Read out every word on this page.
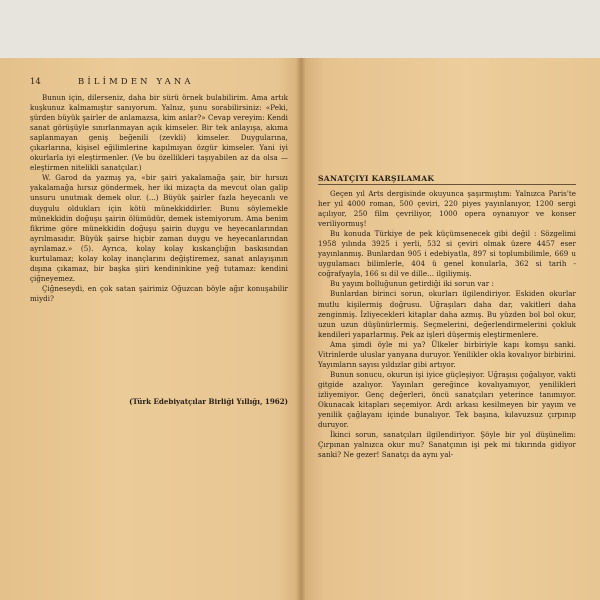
14	BİLİMDEN YANA

Bunun için, dilerseniz, daha bir sürü örnek bulabilirim. Ama artık kuşkunuz kalmamıştır sanıyorum. Yalnız, şunu sorabilirsiniz: «Peki, şürden büyük şairler de anlamazsa, kim anlar?» Cevap vereyim: Kendi sanat görüşüyle sınırlanmayan açık kimseler. Bir tek anlayışa, akıma saplanmayan geniş beğenili (zevkli) kimseler. Duygularına, çıkarlarına, kişisel eğilimlerine kapılmıyan özgür kimseler. Yani iyi okurlarla iyi eleştirmenler. (Ve bu özellikleri taşıyabilen az da olsa — eleştirmen nitelikli sanatçılar.)

W. Garod da yazmış ya, «bir şairi yakalamağa şair, bir hırsızı yakalamağa hırsız göndermek, her iki mizaçta da mevcut olan galip unsuru unutmak demek olur. (...) Büyük şairler fazla heyecanlı ve duygulu oldukları için kötü münekkiddirler. Bunu söylemekle münekkidin doğuşu şairin ölümüdür, demek istemiyorum. Ama benim fikrime göre münekkidin doğuşu şairin duygu ve heyecanlarından ayrılmasıdır. Büyük şairse hiçbir zaman duygu ve heyecanlarından ayrılamaz.» (5). Ayrıca, kolay kolay kıskançlığın baskısından kurtulamaz; kolay kolay inançlarını değiştiremez, sanat anlayışının dışına çıkamaz, bir başka şiiri kendininkine yeğ tutamaz: kendini çiğneyemez.

Çiğneseydi, en çok satan şairimiz Oğuzcan böyle ağır konuşabilir miydi?

(Türk Edebiyatçılar Birliği Yıllığı, 1962)
SANATÇIYI KARŞILAMAK

Geçen yıl Arts dergisinde okuyunca şaşırmıştım: Yalnızca Paris'te her yıl 4000 roman, 500 çeviri, 220 piyes yayınlanıyor, 1200 sergi açılıyor, 250 film çevriliyor, 1000 opera oynanıyor ve konser veriliyormuş!

Bu konuda Türkiye de pek küçümsenecek gibi değil : Sözgelimi 1958 yılında 3925 i yerli, 532 si çeviri olmak üzere 4457 eser yayınlanmış. Bunlardan 905 i edebiyatla, 897 si toplumbilimle, 669 u uygulamacı bilimlerle, 404 ü genel konularla, 362 si tarih - coğrafyayla, 166 sı dil ve dille... ilgiliymiş.

Bu yayım bolluğunun getirdiği iki sorun var :

Bunlardan birinci sorun, okurları ilgilendiriyor. Eskiden okurlar mutlu kişilermiş doğrusu. Uğraşıları daha dar, vakitleri daha zenginmiş. İzliyecekleri kitaplar daha azmış. Bu yüzden bol bol okur, uzun uzun düşünürlermiş. Seçmelerini, değerlendirmelerini çokluk kendileri yaparlarmış. Pek az işleri düşermiş eleştirmenlere.

Ama şimdi öyle mi ya? Ülkeler birbiriyle kapı komşu sanki. Vitrinlerde uluslar yanyana duruyor. Yenilikler okla kovalıyor birbirini. Yayımların sayısı yıldızlar gibi artıyor.

Bunun sonucu, okurun işi iyice güçleşiyor. Uğraşısı çoğalıyor, vakti gitgide azalıyor. Yayınları gereğince kovalıyamıyor, yenilikleri izliyemiyor. Genç değerleri, öncü sanatçıları yeterince tanımıyor. Okunacak kitapları seçemiyor. Ardı arkası kesilmeyen bir yayım ve yenilik çağlayanı içinde bunalıyor. Tek başına, kılavuzsuz çırpınıp duruyor.

İkinci sorun, sanatçıları ilgilendiriyor. Şöyle bir yol düşünelim: Çırpınan yalnızca okur mu? Sanatçının işi pek mi tıkırında gidiyor sanki? Ne gezer! Sanatçı da aynı yal-
